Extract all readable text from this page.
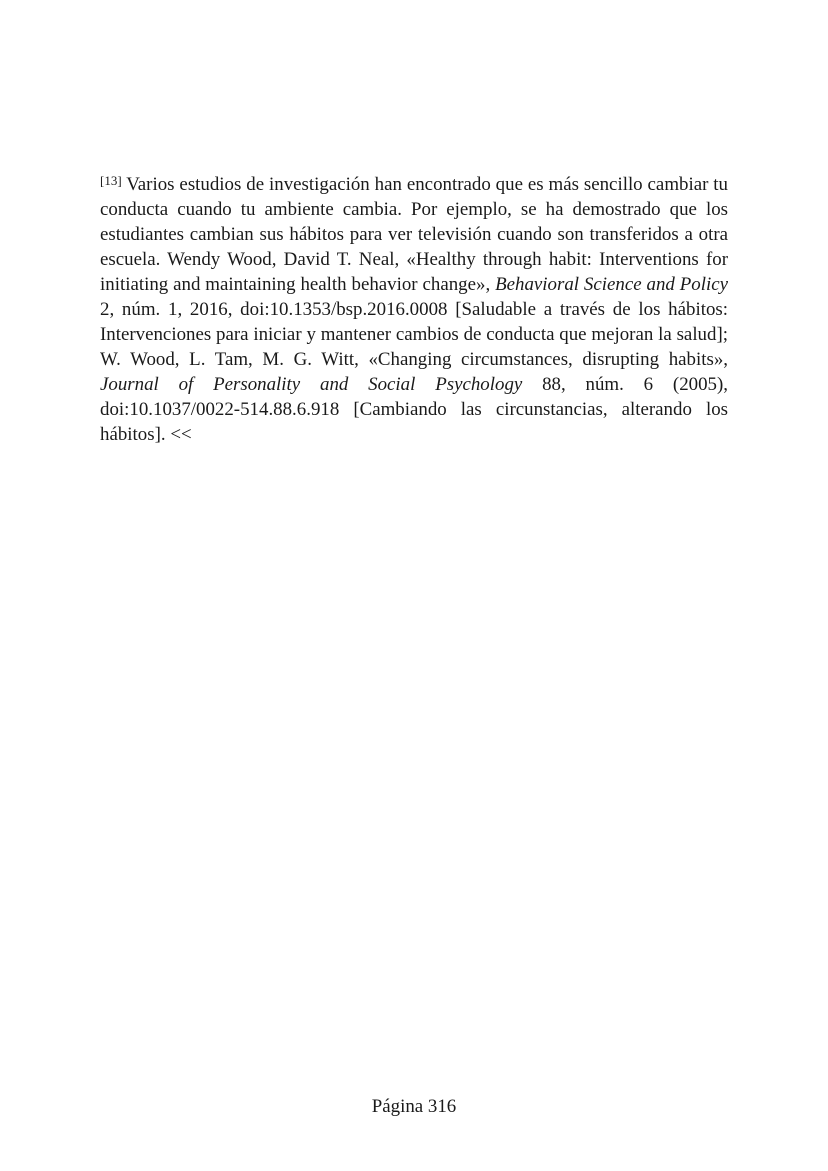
[13] Varios estudios de investigación han encontrado que es más sencillo cambiar tu conducta cuando tu ambiente cambia. Por ejemplo, se ha demostrado que los estudiantes cambian sus hábitos para ver televisión cuando son transferidos a otra escuela. Wendy Wood, David T. Neal, «Healthy through habit: Interventions for initiating and maintaining health behavior change», Behavioral Science and Policy 2, núm. 1, 2016, doi:10.1353/bsp.2016.0008 [Saludable a través de los hábitos: Intervenciones para iniciar y mantener cambios de conducta que mejoran la salud]; W. Wood, L. Tam, M. G. Witt, «Changing circumstances, disrupting habits», Journal of Personality and Social Psychology 88, núm. 6 (2005), doi:10.1037/0022-514.88.6.918 [Cambiando las circunstancias, alterando los hábitos]. <<

Página 316
